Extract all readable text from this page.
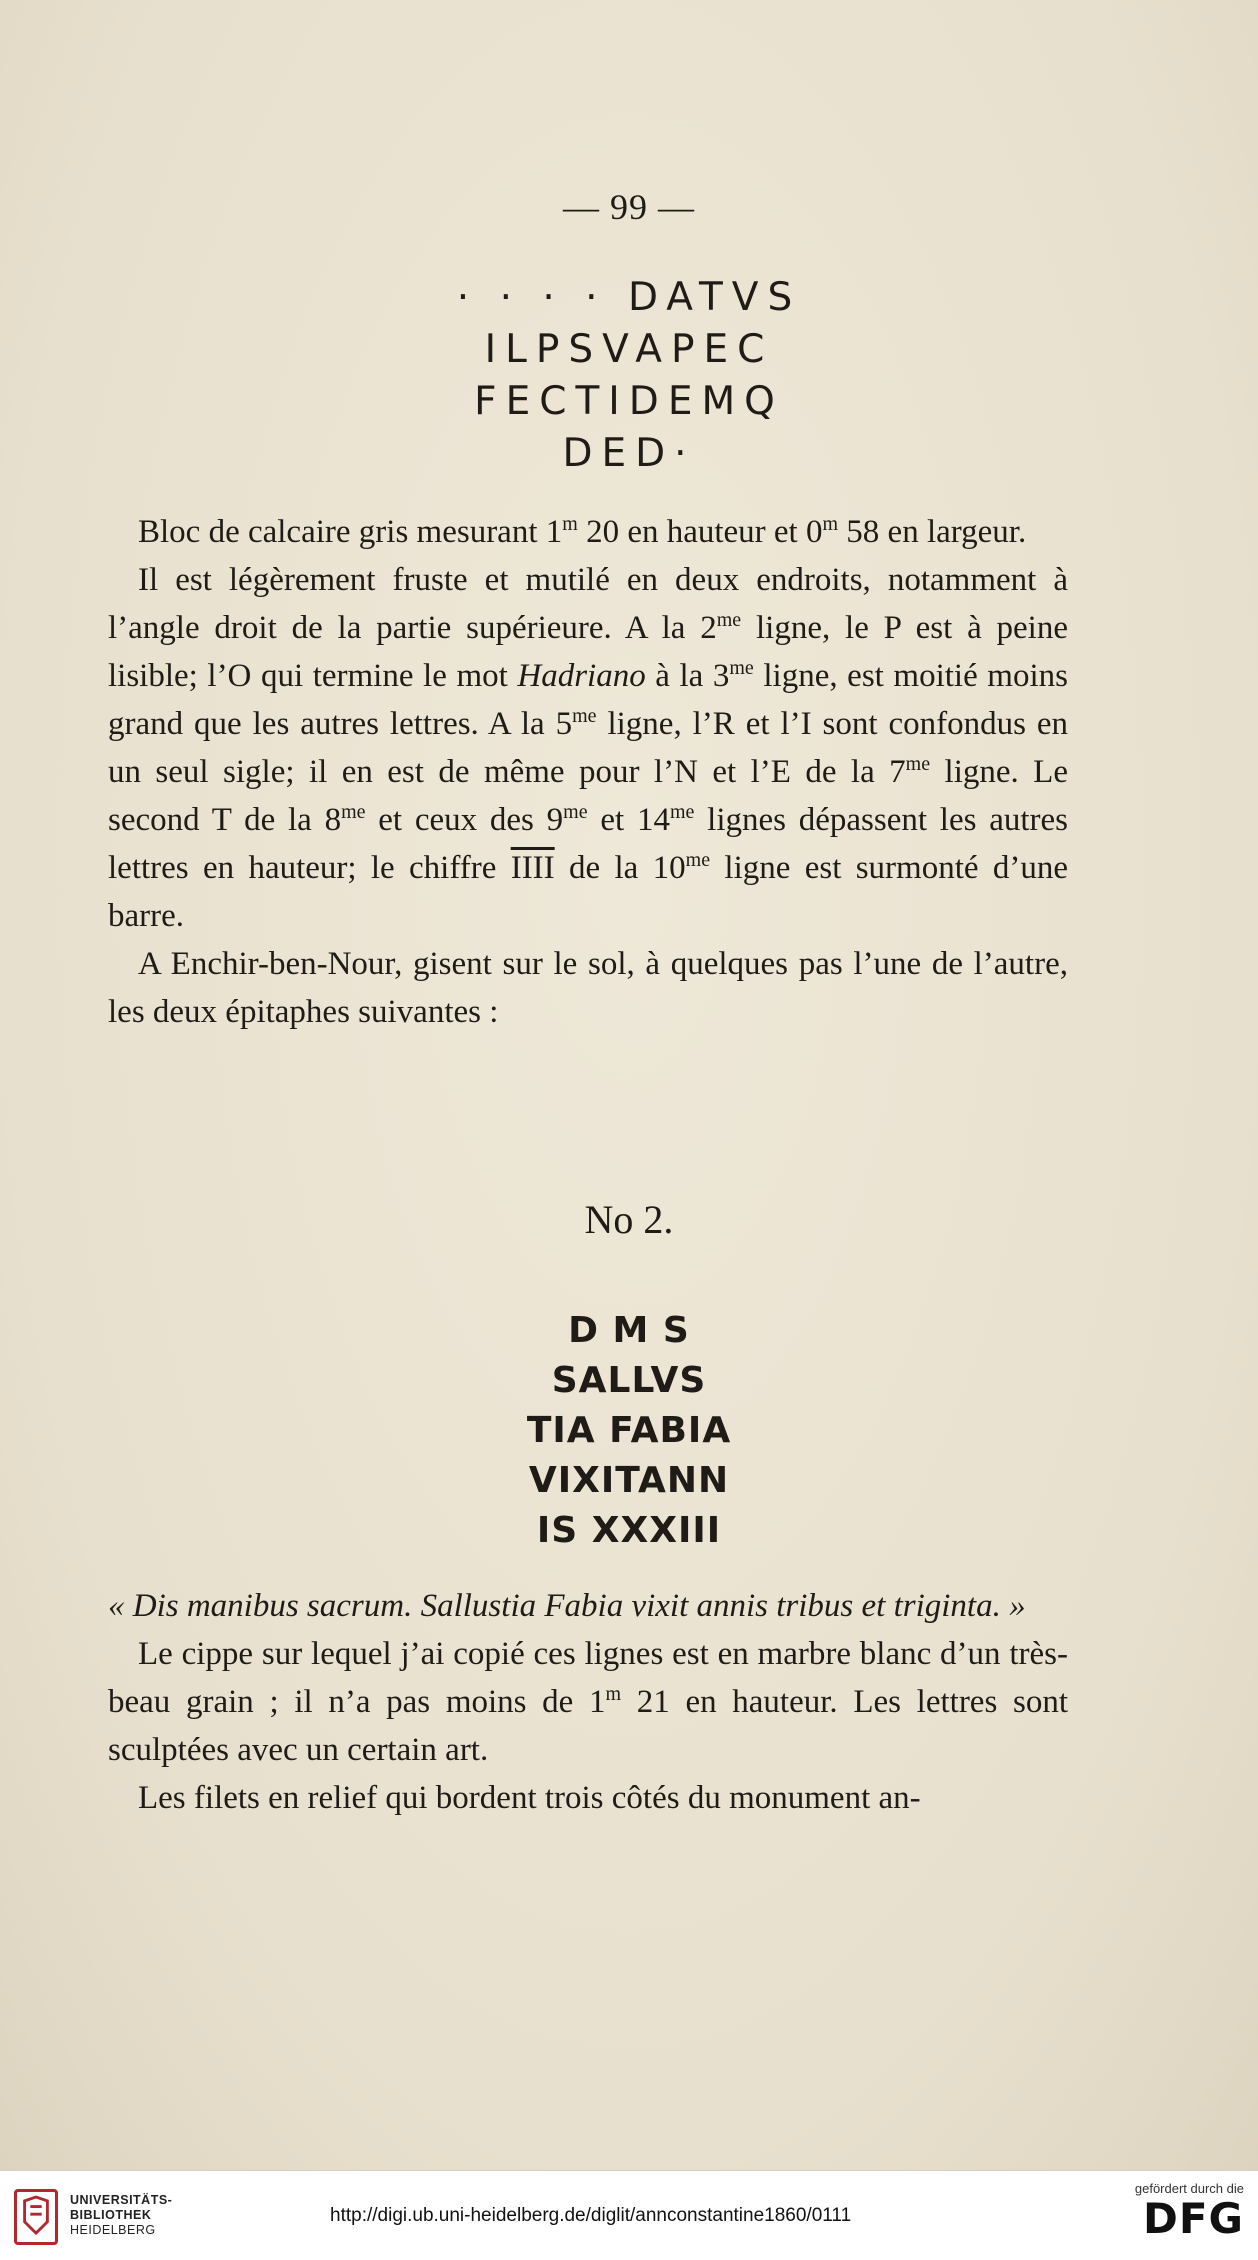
— 99 —
· · · · DATVS
ILPSVAPEC
FECTIDEMQ
DED·

Bloc de calcaire gris mesurant 1$^m$ 20 en hauteur et 0$^m$ 58 en largeur.

Il est légèrement fruste et mutilé en deux endroits, notamment à l’angle droit de la partie supérieure. A la $2^{me}$ ligne, le P est à peine lisible; l’O qui termine le mot Hadriano à la $3^{me}$ ligne, est moitié moins grand que les autres lettres. A la $5^{me}$ ligne, l’R et l’I sont confondus en un seul sigle; il en est de même pour l’N et l’E de la $7^{me}$ ligne. Le second T de la $8^{me}$ et ceux des $9^{me}$ et $14^{me}$ lignes dépassent les autres lettres en hauteur; le chiffre IIII de la $10^{me}$ ligne est surmonté d’une barre.

A Enchir-ben-Nour, gisent sur le sol, à quelques pas l’une de l’autre, les deux épitaphes suivantes :

No 2.
D M S
SALLVS
TIA FABIA
VIXITANN
IS XXXIII

« Dis manibus sacrum. Sallustia Fabia vixit annis tribus et triginta. »

Le cippe sur lequel j’ai copié ces lignes est en marbre blanc d’un très-beau grain ; il n’a pas moins de 1$^m$ 21 en hauteur. Les lettres sont sculptées avec un certain art.

Les filets en relief qui bordent trois côtés du monument an-

UNIVERSITÄTS-
BIBLIOTHEK
HEIDELBERG
http://digi.ub.uni-heidelberg.de/diglit/annconstantine1860/0111
gefördert durch die
DFG
